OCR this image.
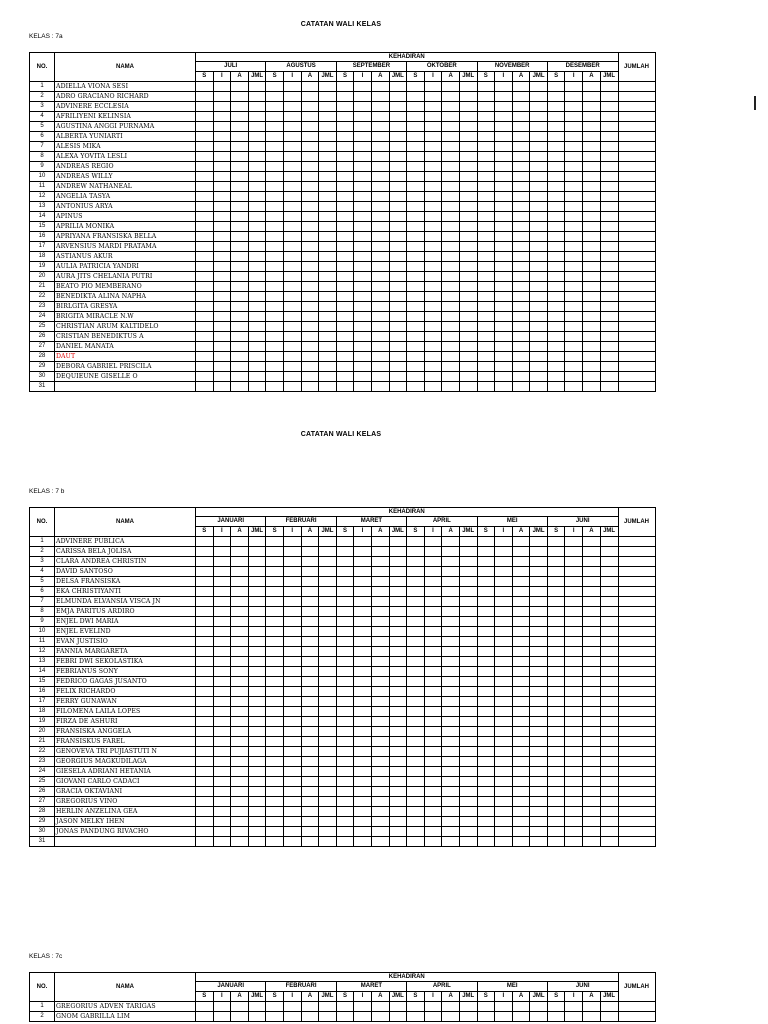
CATATAN WALI KELAS
KELAS : 7a
NO.	NAMA	KEHADIRAN																								JUMLAH
		JULI				AGUSTUS				SEPTEMBER				OKTOBER				NOVEMBER				DESEMBER				
		S	I	A	JML	S	I	A	JML	S	I	A	JML	S	I	A	JML	S	I	A	JML	S	I	A	JML	
1	ADIELLA VIONA SESI																									
2	ADRO GRACIANO RICHARD																									
3	ADVINERE ECCLESIA																									
4	AFRILIYENI KELINSIA																									
5	AGUSTINA ANGGI PURNAMA																									
6	ALBERTA YUNIARTI																									
7	ALESIS MIKA																									
8	ALEXA YOVITA LESLI																									
9	ANDREAS REGIO																									
10	ANDREAS WILLY																									
11	ANDREW NATHANEAL																									
12	ANGELIA TASYA																									
13	ANTONIUS ARYA																									
14	APINUS																									
15	APRILIA MONIKA																									
16	APRIYANA FRANSISKA BELLA																									
17	ARVENSIUS MARDI PRATAMA																									
18	ASTIANUS AKUR																									
19	AULIA PATRICIA YANDRI																									
20	AURA JITS CHELANIA PUTRI																									
21	BEATO PIO MEMBERANO																									
22	BENEDIKTA ALINA NAPHA																									
23	BIRLGITA GRESYA																									
24	BRIGITA MIRACLE N.W																									
25	CHRISTIAN ARUM KALTIDELO																									
26	CRISTIAN BENEDIKTUS A																									
27	DANIEL MANATA																									
28	DAUT																									
29	DEBORA GABRIEL PRISCILA																									
30	DEQUIEUNE GISELLE O																									
31																										
CATATAN WALI KELAS
KELAS : 7 b
NO.	NAMA	KEHADIRAN																								JUMLAH
		JANUARI				FEBRUARI				MARET				APRIL				MEI				JUNI				
		S	I	A	JML	S	I	A	JML	S	I	A	JML	S	I	A	JML	S	I	A	JML	S	I	A	JML	
1	ADVINERE PUBLICA																									
2	CARISSA BELA JOLISA																									
3	CLARA ANDREA CHRISTIN																									
4	DAVID SANTOSO																									
5	DELSA FRANSISKA																									
6	EKA CHRISTIYANTI																									
7	ELMUNDA ELVANSIA VISCA JN																									
8	EMJA PARITUS ARDIRO																									
9	ENJEL DWI MARIA																									
10	ENJEL EVELIND																									
11	EVAN JUSTISIO																									
12	FANNIA MARGARETA																									
13	FEBRI DWI SEKOLASTIKA																									
14	FEBRIANUS SONY																									
15	FEDRICO GAGAS JUSANTO																									
16	FELIX RICHARDO																									
17	FERRY GUNAWAN																									
18	FILOMENA LAILA LOPES																									
19	FIRZA DE ASHURI																									
20	FRANSISKA ANGGELA																									
21	FRANSISKUS FAREL																									
22	GENOVEVA TRI PUJIASTUTI N																									
23	GEORGIUS MAGKUDILAGA																									
24	GIESELA ADRIANI HETANIA																									
25	GIOVANI CARLO CADACI																									
26	GRACIA OKTAVIANI																									
27	GREGORIUS VINO																									
28	HERLIN ANZELINA GEA																									
29	JASON MELKY IHEN																									
30	JONAS PANDUNG RIVACHO																									
31																										
KELAS : 7c
NO.	NAMA	KEHADIRAN																								JUMLAH
		JANUARI				FEBRUARI				MARET				APRIL				MEI				JUNI				
		S	I	A	JML	S	I	A	JML	S	I	A	JML	S	I	A	JML	S	I	A	JML	S	I	A	JML	
1	GREGORIUS ADVEN TARIGAS																									
2	GNOM GABRILLA LIM																									
